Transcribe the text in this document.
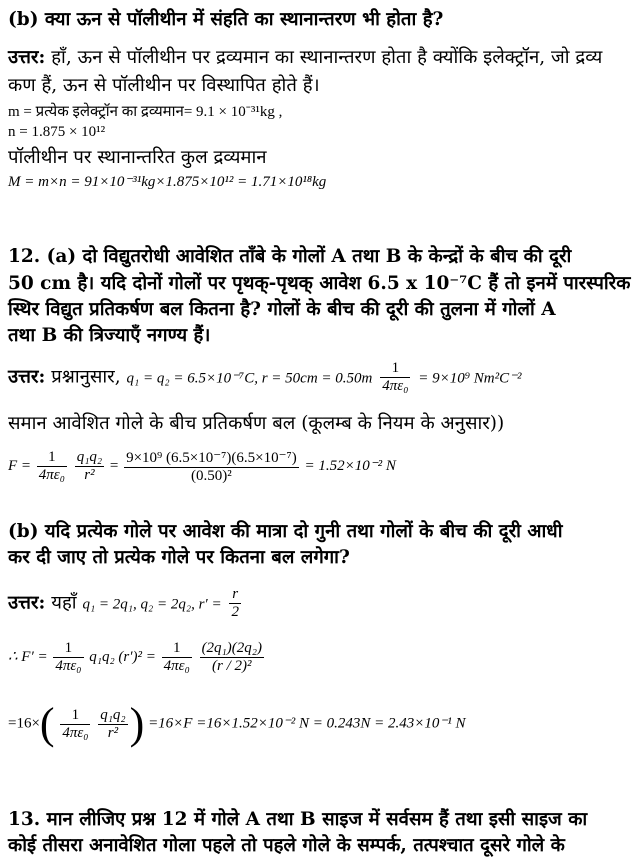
(b) क्या ऊन से पॉलीथीन में संहति का स्थानान्तरण भी होता है?
उत्तर: हाँ, ऊन से पॉलीथीन पर द्रव्यमान का स्थानान्तरण होता है क्योंकि इलेक्ट्रॉन, जो द्रव्य
कण हैं, ऊन से पॉलीथीन पर विस्थापित होते हैं।
m = प्रत्येक इलेक्ट्रॉन का द्रव्यमान= 9.1 × 10⁻³¹kg ,
n = 1.875 × 10¹²
पॉलीथीन पर स्थानान्तरित कुल द्रव्यमान
M = m×n = 91×10⁻³¹kg×1.875×10¹² = 1.71×10¹⁸kg
12. (a) दो विद्युतरोधी आवेशित ताँबे के गोलों A तथा B के केन्द्रों के बीच की दूरी
50 cm है। यदि दोनों गोलों पर पृथक्-पृथक् आवेश 6.5 x 10⁻⁷C हैं तो इनमें पारस्परिक
स्थिर विद्युत प्रतिकर्षण बल कितना है? गोलों के बीच की दूरी की तुलना में गोलों A
तथा B की त्रिज्याएँ नगण्य हैं।
उत्तर: प्रश्नानुसार, q₁ = q₂ = 6.5×10⁻⁷C, $r = 50cm = 0.50m \frac{1}{\text{4πε₀}} = 9\times 10^9$ Nm²C⁻²
समान आवेशित गोले के बीच प्रतिकर्षण बल (कूलम्ब के नियम के अनुसार))
$F = \frac{1}{\text{4πε₀}}$
$\frac{\text{q₁q₂}}{\text{r²}} = \frac{\text{9×10⁹ (6.5×10⁻⁷)(6.5×10⁻⁷)}}{\text{(0.50)²}} = 1.52\times 10^{-2}$ N
(b) यदि प्रत्येक गोले पर आवेश की मात्रा दो गुनी तथा गोलों के बीच की दूरी आधी
कर दी जाए तो प्रत्येक गोले पर कितना बल लगेगा?
उत्तर: यहाँ q₁ = 2q₁, q₂ = 2q₂, $r' = \frac{r}{2}$
∴ $F' = \frac{1}{\text{4πε₀}} q_1q_2$ $(r')^2 = \frac{1}{\text{4πε₀}}$
$\frac{\text{(2q₁)(2q₂)}}{\text{(r / 2)²}}$
$=16\times( \frac{1}{\text{4πε₀}}$
$\frac{\text{q₁q₂}}{\text{r²}}$ ) =16×F =16×1.52×10⁻² N = 0.243N = 2.43×10⁻¹ N
13. मान लीजिए प्रश्न 12 में गोले A तथा B साइज में सर्वसम हैं तथा इसी साइज का
कोई तीसरा अनावेशित गोला पहले तो पहले गोले के सम्पर्क, तत्पश्चात दूसरे गोले के
